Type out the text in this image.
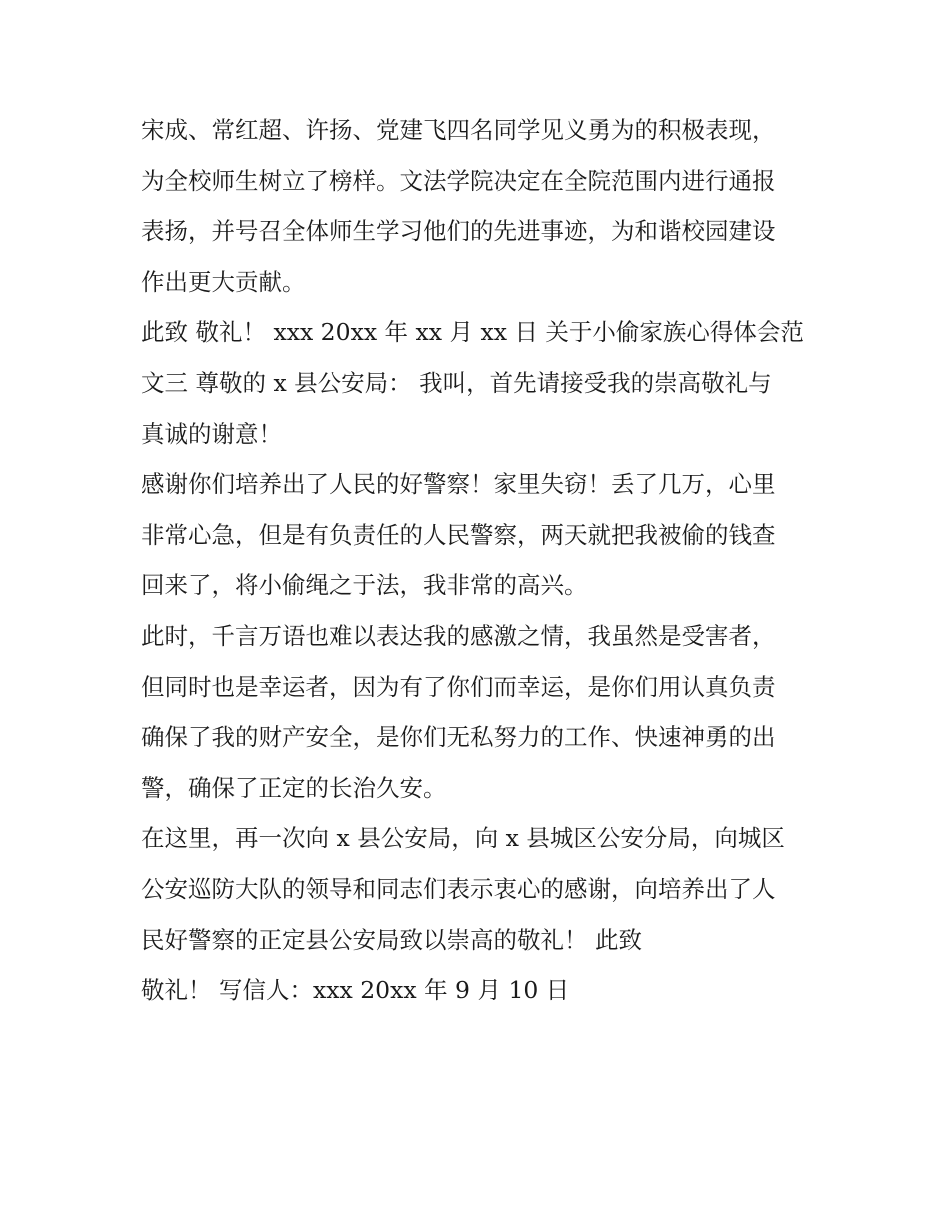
宋成、常红超、许扬、党建飞四名同学见义勇为的积极表现，
为全校师生树立了榜样。文法学院决定在全院范围内进行通报
表扬，并号召全体师生学习他们的先进事迹，为和谐校园建设
作出更大贡献。
此致 敬礼！ xxx 20xx 年 xx 月 xx 日 关于小偷家族心得体会范
文三 尊敬的 x 县公安局： 我叫，首先请接受我的崇高敬礼与
真诚的谢意！
感谢你们培养出了人民的好警察！家里失窃！丢了几万，心里
非常心急，但是有负责任的人民警察，两天就把我被偷的钱查
回来了，将小偷绳之于法，我非常的高兴。
此时，千言万语也难以表达我的感激之情，我虽然是受害者，
但同时也是幸运者，因为有了你们而幸运，是你们用认真负责
确保了我的财产安全，是你们无私努力的工作、快速神勇的出
警，确保了正定的长治久安。
在这里，再一次向 x 县公安局，向 x 县城区公安分局，向城区
公安巡防大队的领导和同志们表示衷心的感谢，向培养出了人
民好警察的正定县公安局致以崇高的敬礼！ 此致
敬礼！ 写信人：xxx 20xx 年 9 月 10 日
